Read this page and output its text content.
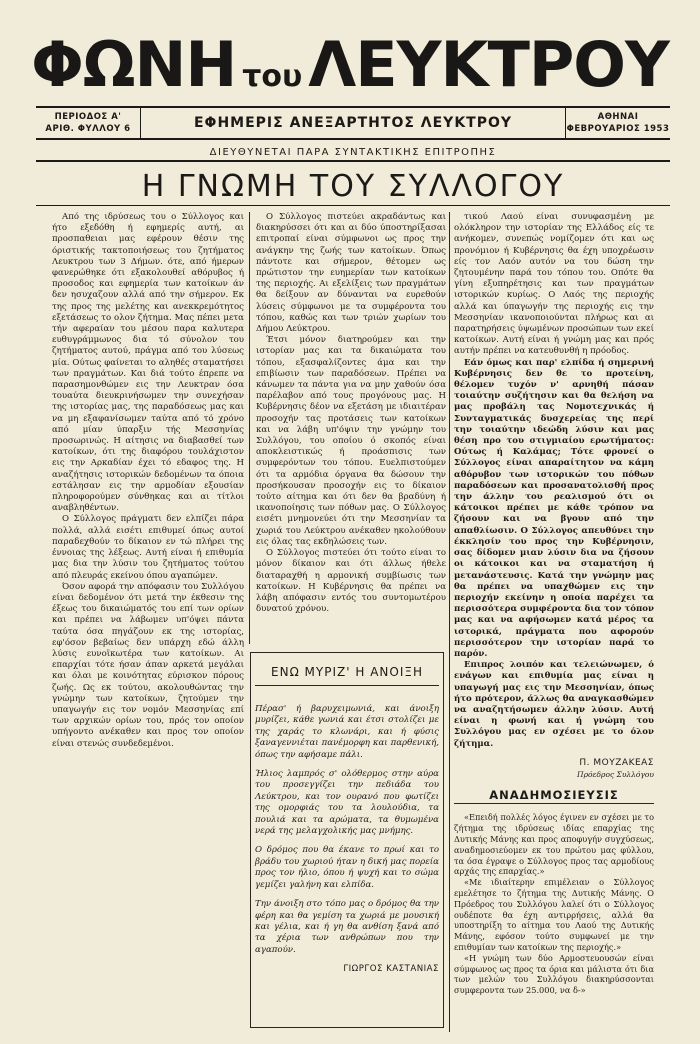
ΦΩΝΗ τουΛΕΥΚΤΡΟΥ
ΠΕΡΙΟΔΟΣ Α'
ΑΡΙΘ. ΦΥΛΛΟΥ 6	ΕΦΗΜΕΡΙΣ ΑΝΕΞΑΡΤΗΤΟΣ ΛΕΥΚΤΡΟΥ	ΑΘΗΝΑΙ
ΦΕΒΡΟΥΑΡΙΟΣ 1953
ΔΙΕΥΘΥΝΕΤΑΙ ΠΑΡΑ ΣΥΝΤΑΚΤΙΚΗΣ ΕΠΙΤΡΟΠΗΣ
Η ΓΝΩΜΗ ΤΟΥ ΣΥΛΛΟΓΟΥ

Από της ιδρύσεως του ο Σύλλογος και ήτο εξεδόθη ή εφημερίς αυτή, αι προσπαθειαι μας εφέρουν θέσιν της όριστικής τακτοποιήσεως του ζητήματος Λευκτρου των 3 Δήμων. ότε, από ήμερων φανερώθηκε ότι εξακολουθεί αθόρυβος ή προσοδος και εφημερία των κατοίκων άν δεν ησυχαζουν αλλά από την σήμερον. Εκ της προς της μελέτης και ανεκκρεμότητος εξετάσεως το ολον ζήτημα. Μας πέπει μετα τήν αφεραίαν του μέσου παρα καλυτερα ευθυγράμμωνος δια τό σύνολον του ζητήματος αυτού, πράγμα από του λύσεως μία. Ούτως φαίνεται το αληθές σταματήσει των πραγμάτων. Και διά τούτο έπρεπε να παρασημονθώμεν εις την Λευκτραν όσα τουαύτα διευκρινήσωμεν την συνεχήσαν της ιστορίας μας, της παραδόσεως μας και να μη εξαφανίσωμεν ταύτα από τό χρόνο από μίαν ύπαρξιν τής Μεσσηνίας προσωρινώς. Η αίτησις να διαβασθεί των κατοίκων, ότι της διαφόρου τουλάχιστον εις την Αρκαδίαν έχει τό εδαφος της. Η αναζήτησις ιστορικών δεδομένων τα όποια εστάλησαν εις την αρμοδίαν εξουσίαν πληροφορούμεν σύνθηκας και αι τίτλοι αναβληθέντων.

Ο Σύλλογος πράγματι δεν ελπίζει πάρα πολλά, αλλά εισέτι επιθυμεί όπως αυτοί παραδεχθούν το δίκαιον εν τώ πλήρει της έννοιας της λέξεως. Αυτή είναι ή επιθυμία μας δια την λύσιν του ζητήματος τούτου από πλευράς εκείνου όπου αγαπώμεν.

Όσον αφορά την απόφασιν του Συλλόγου είναι δεδομένον ότι μετά την έκθεσιν της έξεως του δικαιώματός του επί των ορίων και πρέπει να λάβωμεν υπ'όψει πάντα ταύτα όσα πηγάζουν εκ της ιστορίας, εφ'όσον βεβαίως δεν υπάρχη εδώ άλλη λύσις ευνοϊκωτέρα των κατοίκων. Αι επαρχίαι τότε ήσαν άπαν αρκετά μεγάλαι και όλαι με κοινότητας εύρισκον πόρους ζωής. Ως εκ τούτου, ακολουθώντας την γνώμην των κατοίκων, ζητούμεν την υπαγωγήν εις τον νομόν Μεσσηνίας επί των αρχικών ορίων του, πρός τον οποίον υπήγοντο ανέκαθεν και προς τον οποίον είναι στενώς συνδεδεμένοι.

Ο Σύλλογος πιστεύει ακραδάντως και διακηρύσσει ότι και αι δύο ύποστηρίξασαι επιτροπαί είναι σύμφωνοι ως προς την ανάγκην της ζωής των κατοίκων. Όπως πάντοτε και σήμερον, θέτομεν ως πρώτιστον την ευημερίαν των κατοίκων της περιοχής. Αι εξελίξεις των πραγμάτων θα δείξουν αν δύνανται να ευρεθούν λύσεις σύμφωνοι με τα συμφέροντα του τόπου, καθώς και των τριών χωρίων του Δήμου Λεύκτρου.

Έτσι μόνον διατηρούμεν και την ιστορίαν μας και τα δικαιώματα του τόπου, εξασφαλίζοντες άμα και την επιβίωσιν των παραδόσεων. Πρέπει να κάνωμεν τα πάντα για να μην χαθούν όσα παρέλαβον από τους προγόνους μας. Η Κυβέρνησις δέον να εξετάση με ιδιαιτέραν προσοχήν τας προτάσεις των κατοίκων και να λάβη υπ'όψιν την γνώμην του Συλλόγου, του οποίου ό σκοπός είναι αποκλειστικώς ή προάσπισις των συμφερόντων του τόπου. Ευελπιστούμεν ότι τα αρμόδια όργανα θα δώσουν την προσήκουσαν προσοχήν εις το δίκαιον τούτο αίτημα και ότι δεν θα βραδύνη ή ικανοποίησις των πόθων μας. Ο Σύλλογος εισέτι μνημονεύει ότι την Μεσσηνίαν τα χωριά του Λεύκτρου ανέκαθεν ηκολούθουν εις όλας τας εκδηλώσεις των.

Ο Σύλλογος πιστεύει ότι τούτο είναι το μόνον δίκαιον και ότι άλλως ήθελε διαταραχθή η αρμονική συμβίωσις των κατοίκων. Η Κυβέρνησις θα πρέπει να λάβη απόφασιν εντός του συντομωτέρου δυνατού χρόνου.

ΕΝΩ ΜΥΡΙΖ' Η ΑΝΟΙΞΗ

Πέρασ' ή βαρυχειμωνιά, και άνοιξη μυρίζει, κάθε γωνιά και έτσι στολίζει με της χαράς το κλωνάρι, και ή φύσις ξαναγεννιέται πανέμορφη και παρθενική, όπως την αφήσαμε πάλι.

Ήλιος λαμπρός σ' ολόθερμος στην αύρα του προσεγγίζει την πεδιάδα του Λεύκτρου, και τον ουρανό που φωτίζει της ομορφιάς του τα λουλούδια, τα πουλιά και τα αρώματα, τα θυμωμένα νερά της μελαγχολικής μας μνήμης.

Ο δρόμος που θα έκανε το πρωί και το βράδυ του χωριού ήταν η δική μας πορεία προς τον ήλιο, όπου ή ψυχή και το σώμα γεμίζει γαλήνη και ελπίδα.

Την άνοιξη στο τόπο μας ο δρόμος θα την φέρη και θα γεμίση τα χωριά με μουσική και γέλια, και ή γη θα ανθίση ξανά από τα χέρια των ανθρώπων που την αγαπούν.

ΓΙΩΡΓΟΣ ΚΑΣΤΑΝΙΑΣ

τικού Λαού είναι συνυφασμένη με ολόκληρον την ιστορίαν της Ελλάδος είς τε ανήκομεν, συνεπώς νομίζομεν ότι και ως προνόμιον ή Κυβέρνησις θα έχη υποχρέωσιν είς τον Λαόν αυτόν να του δώση την ζητουμένην παρά του τόπου του. Οπότε θα γίνη εξυπηρέτησις και των πραγμάτων ιστορικών κυρίως. Ο Λαός της περιοχής αλλά και ύπαγωγήν της περιοχής εις την Μεσσηνίαν ικανοποιούνται πλήρως και αι παρατηρήσεις ύψωμένων προσώπων των εκεί κατοίκων. Αυτή είναι ή γνώμη μας και πρός αυτήν πρέπει να κατευθυνθή η πρόοδος.

Εάν όμως και παρ' ελπίδα ή σημερινή Κυβέρνησις δεν θε το προτείνη, θέλομεν τυχόν ν' αρνηθή πάσαν τοιαύτην συζήτησιν και θα θελήση να μας προβάλη τας Νομοτεχνικάς ή Συνταγματικάς δυσχερείας της περί την τοιαύτην ιδεώδη λύσιν και μας θέση προ του στιγμιαίου ερωτήματος: Ούτως ή Καλάμας; Τότε φρονεί ο Σύλλογος είναι απαραίτητον να κάμη αθόρυβον των ιστορικών του πόθων παραδόσεων και προσανατολισθή προς την άλλην του ρεαλισμού ότι οι κάτοικοι πρέπει με κάθε τρόπον να ζήσουν και να βγουν από την απαθλίωσιν. Ο Σύλλογος απευθύνει την έκκλησίν του προς την Κυβέρνησιν, σας δίδομεν μιαν λύσιν δια να ζήσουν οι κάτοικοι και να σταματήση ή μετανάστευσις. Κατά την γνώμην μας θα πρέπει να υπαχθώμεν εις την περιοχήν εκείνην η οποία παρέχει τα περισσότερα συμφέροντα δια τον τόπον μας και να αφήσωμεν κατά μέρος τα ιστορικά, πράγματα που αφορούν περισσότερον την ιστορίαν παρά το παρόν.

Επιπρος λοιπόν και τελειώνωμεν, ό ενάγων και επιθυμία μας είναι η υπαγωγή μας εις την Μεσσηνίαν, όπως ήτο πρότερον, άλλως θα αναγκασθώμεν να αναζητήσωμεν άλλην λύσιν. Αυτή είναι η φωνή και ή γνώμη του Συλλόγου μας εν σχέσει με το όλον ζήτημα.

Π. ΜΟΥΖΑΚΕΑΣ
Πρόεδρος Συλλόγου
ΑΝΑΔΗΜΟΣΙΕΥΣΙΣ

«Επειδή πολλές λόγος έγινεν εν σχέσει με το ζήτημα της ιδρύσεως ιδίας επαρχίας της Δυτικής Μάνης και προς αποφυγήν συγχύσεως, αναδημοσιεύομεν εκ του πρώτου μας φύλλου, τα όσα έγραψε ο Σύλλογος προς τας αρμοδίους αρχάς της επαρχίας.»

«Με ιδιαίτερην επιμέλειαν ο Σύλλογος εμελέτησε το ζήτημα της Δυτικής Μάνης. Ο Πρόεδρος του Συλλόγου λαλεί ότι ο Σύλλογος ουδέποτε θα έχη αντιρρήσεις, αλλά θα υποστηρίξη το αίτημα του Λαού της Δυτικής Μάνης, εφόσον τούτο συμφωνεί με την επιθυμίαν των κατοίκων της περιοχής.»

«Η γνώμη των δύο Αρμοστευουσών είναι σύμφωνος ως προς τα όρια και μάλιστα ότι δια των μελών του Συλλόγου διακηρύσσονται συμφεροντα των 25.000, να δ-»
